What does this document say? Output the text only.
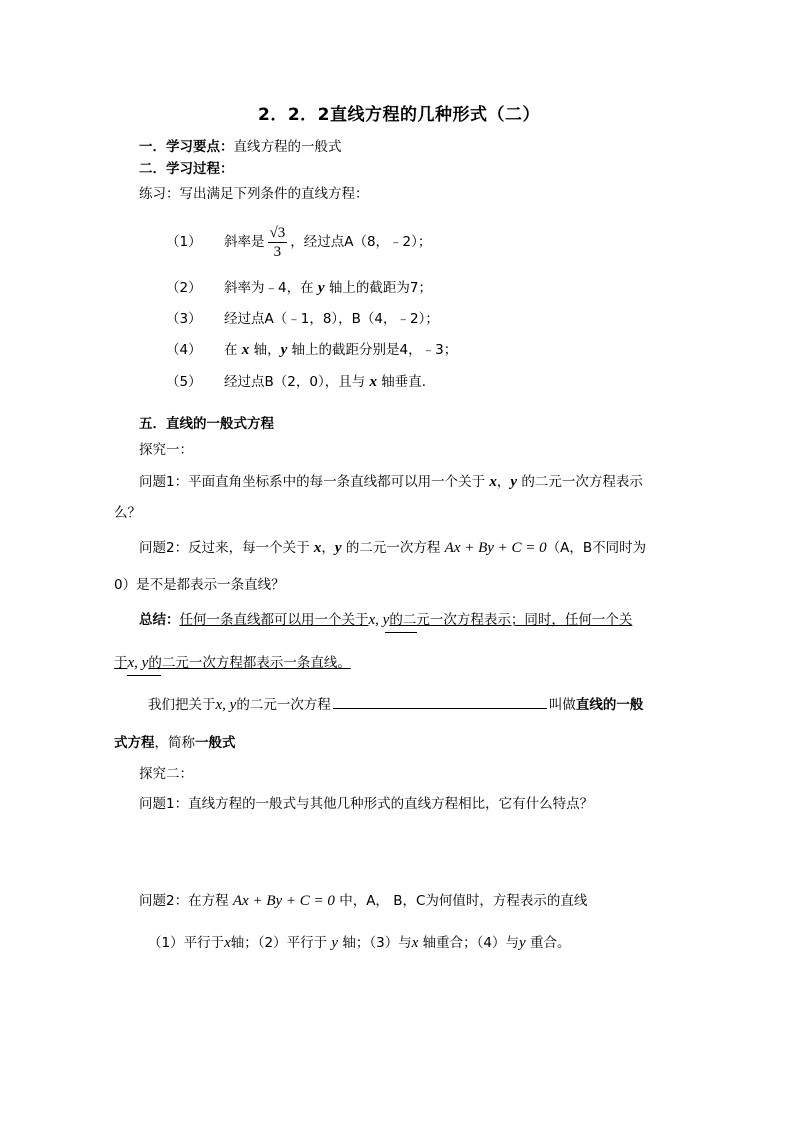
2．2．2直线方程的几种形式（二）
一．学习要点：直线方程的一般式
二．学习过程：
练习：写出满足下列条件的直线方程：
（1） 斜率是 $\frac{√3}{3}$ ，经过点A（8，﹣2）；
（2） 斜率为﹣4，在 y 轴上的截距为7；
（3） 经过点A（﹣1，8），B（4，﹣2）；
（4） 在 x 轴，y 轴上的截距分别是4，﹣3；
（5） 经过点B（2，0），且与 x 轴垂直．
五．直线的一般式方程
探究一：
问题1：平面直角坐标系中的每一条直线都可以用一个关于 x，y 的二元一次方程表示
么？
问题2：反过来，每一个关于 x，y 的二元一次方程 Ax + By + C = 0（A，B不同时为
0）是不是都表示一条直线？
总结：任何一条直线都可以用一个关于x, y的二元一次方程表示；同时，任何一个关
于x, y的二元一次方程都表示一条直线。
我们把关于x, y的二元一次方程	叫做直线的一般
式方程，简称一般式
探究二：
问题1：直线方程的一般式与其他几种形式的直线方程相比，它有什么特点？
问题2：在方程 Ax + By + C = 0 中，A， B，C为何值时，方程表示的直线
（1）平行于x轴；（2）平行于 y 轴；（3）与x 轴重合；（4）与y 重合。
